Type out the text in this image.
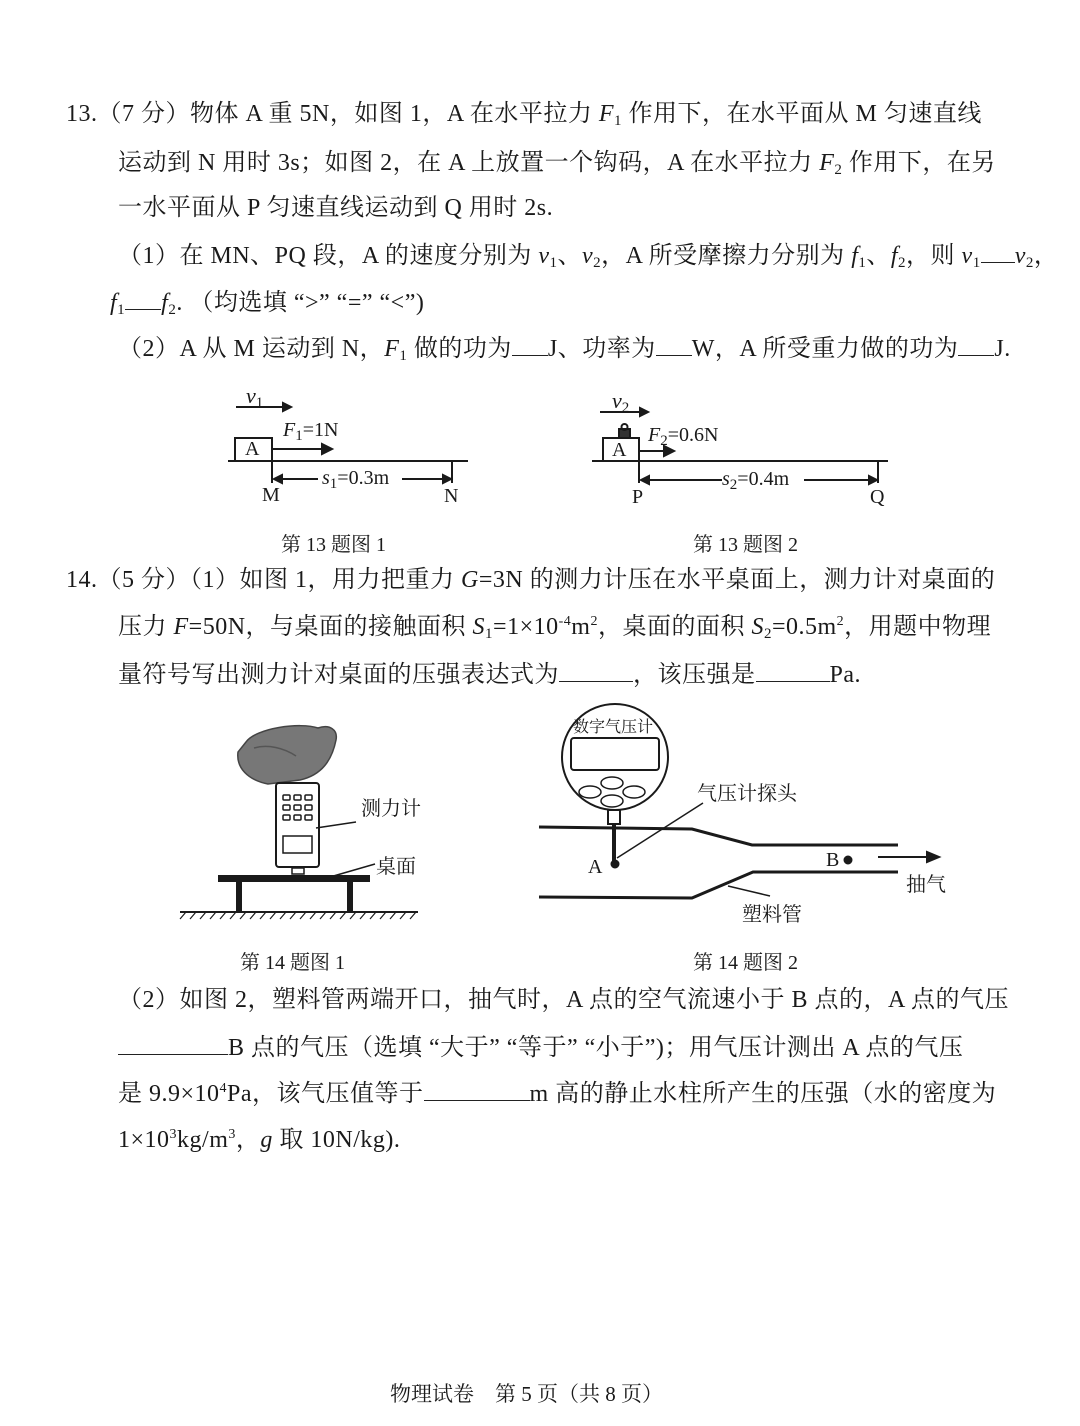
13.（7 分）物体 A 重 5N，如图 1，A 在水平拉力 $F_1$ 作用下，在水平面从 M 匀速直线
运动到 N 用时 3s；如图 2，在 A 上放置一个钩码，A 在水平拉力 $F_2$ 作用下，在另
一水平面从 P 匀速直线运动到 Q 用时 2s.
（1）在 MN、PQ 段，A 的速度分别为 $v_1$、$v_2$，A 所受摩擦力分别为 $f_1$、$f_2$，则 $v_1$ $v_2$，
$f_1$ $f_2$. （均选填 “>” “=” “<”)
（2）A 从 M 运动到 N，$F_1$ 做的功为 J、功率为 W，A 所受重力做的功为 J.
$v_1$
$F_1=1N$
A
$s_1=0.3m$
M	N
第 13 题图 1
$v_2$
$F_2=0.6N$
A
$s_2=0.4m$
P	Q
第 13 题图 2
14.（5 分）（1）如图 1，用力把重力 G=3N 的测力计压在水平桌面上，测力计对桌面的
压力 F=50N，与桌面的接触面积 $S_1=1\times 10^{-4}m^2$，桌面的面积 $S_2=0.5m^2$，用题中物理
量符号写出测力计对桌面的压强表达式为	，该压强是	Pa.
测力计
桌面
第 14 题图 1
数字气压计
气压计探头
A	B
抽气
塑料管
第 14 题图 2
（2）如图 2，塑料管两端开口，抽气时，A 点的空气流速小于 B 点的，A 点的气压
B 点的气压（选填 “大于” “等于” “小于”)；用气压计测出 A 点的气压
是 $9.9\times 10^4Pa$，该气压值等于	m 高的静止水柱所产生的压强（水的密度为
$1\times 10^3kg/m^3$，g 取 10N/kg).
物理试卷　第 5 页（共 8 页）
